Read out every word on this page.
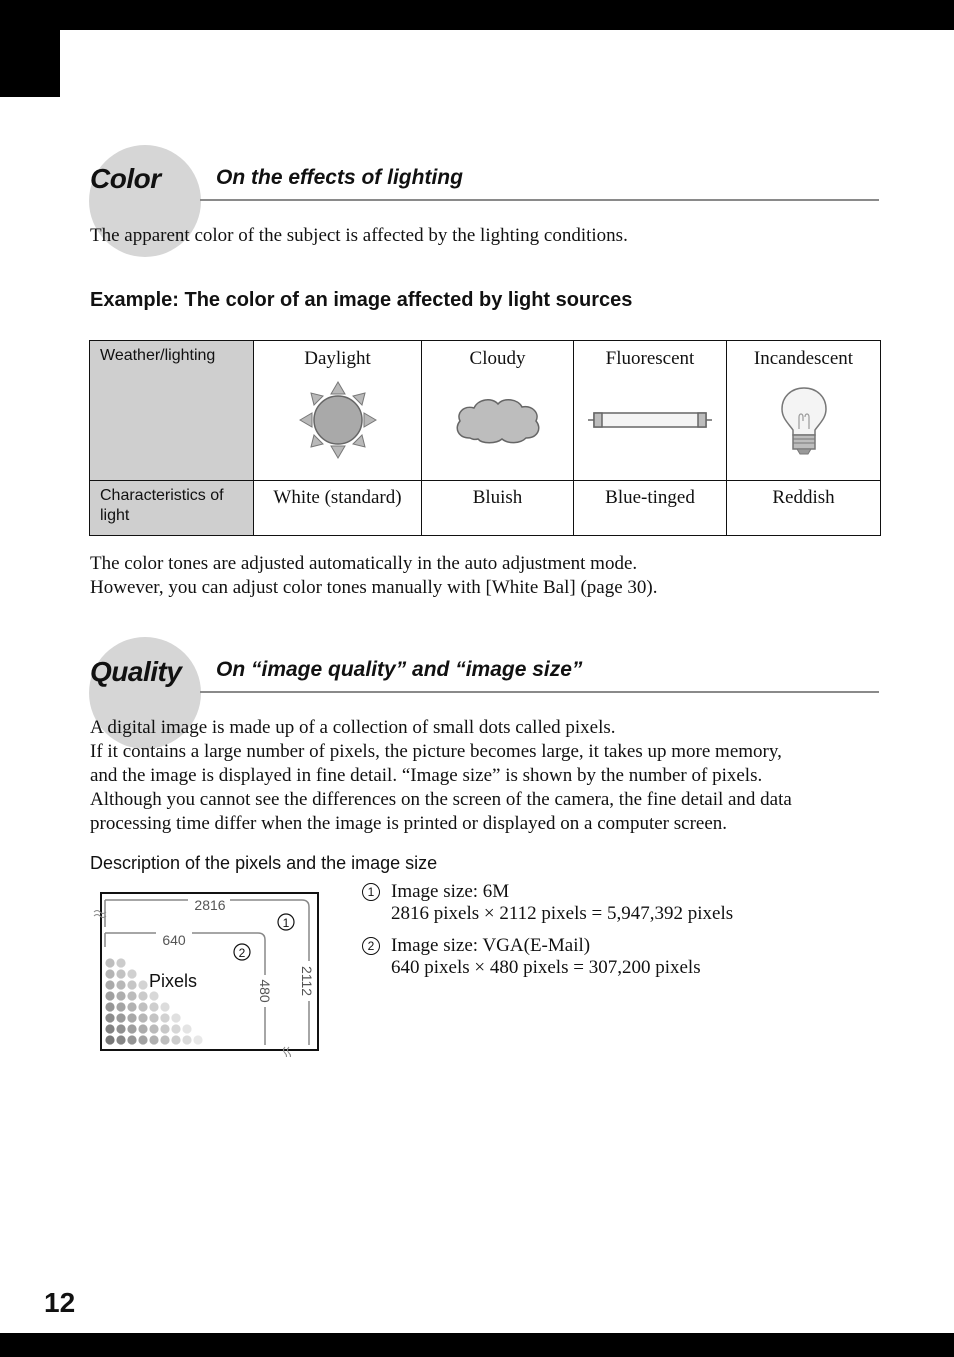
Color	On the effects of lighting

The apparent color of the subject is affected by the lighting conditions.

Example: The color of an image affected by light sources
Weather/lighting	Daylight	Cloudy	Fluorescent	Incandescent

Characteristics of light	White (standard)	Bluish	Blue-tinged	Reddish

The color tones are adjusted automatically in the auto adjustment mode.

However, you can adjust color tones manually with [White Bal] (page 30).

Quality On “image quality” and “image size”

A digital image is made up of a collection of small dots called pixels.

If it contains a large number of pixels, the picture becomes large, it takes up more memory,

and the image is displayed in fine detail. “Image size” is shown by the number of pixels.

Although you cannot see the differences on the screen of the camera, the fine detail and data

processing time differ when the image is printed or displayed on a computer screen.

Description of the pixels and the image size
2816
640
2112
480
1
2
Pixels
1 Image size: 6M
2816 pixels × 2112 pixels = 5,947,392 pixels
2 Image size: VGA(E-Mail)
640 pixels × 480 pixels = 307,200 pixels
12
